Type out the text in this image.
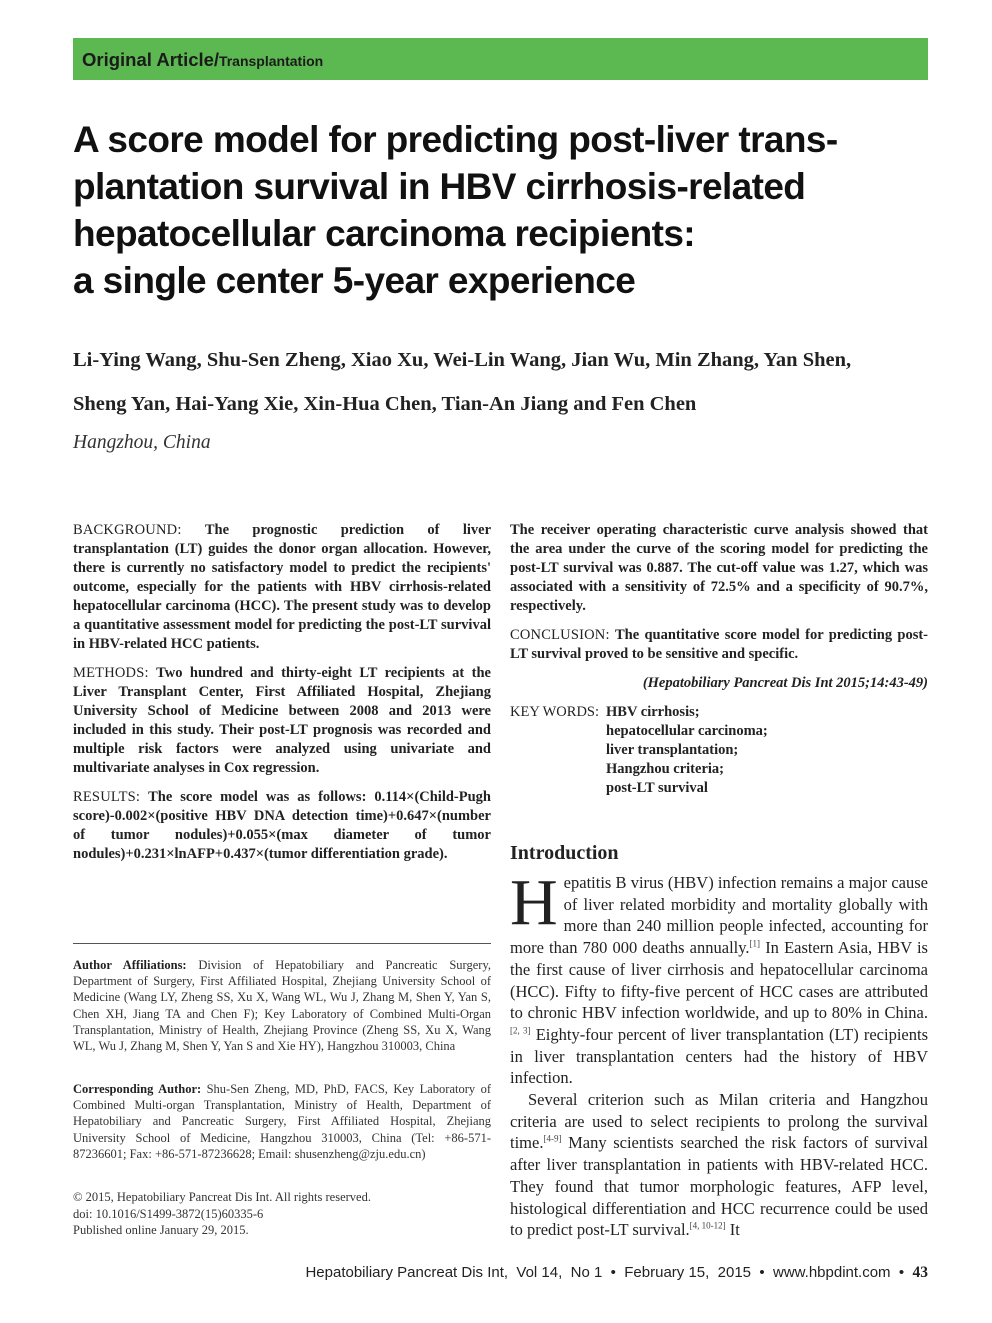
Original Article/Transplantation
A score model for predicting post-liver trans-
plantation survival in HBV cirrhosis-related
hepatocellular carcinoma recipients:
a single center 5-year experience
Li-Ying Wang, Shu-Sen Zheng, Xiao Xu, Wei-Lin Wang, Jian Wu, Min Zhang, Yan Shen,
Sheng Yan, Hai-Yang Xie, Xin-Hua Chen, Tian-An Jiang and Fen Chen
Hangzhou, China

BACKGROUND: The prognostic prediction of liver transplantation (LT) guides the donor organ allocation. However, there is currently no satisfactory model to predict the recipients' outcome, especially for the patients with HBV cirrhosis-related hepatocellular carcinoma (HCC). The present study was to develop a quantitative assessment model for predicting the post-LT survival in HBV-related HCC patients.

METHODS: Two hundred and thirty-eight LT recipients at the Liver Transplant Center, First Affiliated Hospital, Zhejiang University School of Medicine between 2008 and 2013 were included in this study. Their post-LT prognosis was recorded and multiple risk factors were analyzed using univariate and multivariate analyses in Cox regression.

RESULTS: The score model was as follows: 0.114×(Child-Pugh score)-0.002×(positive HBV DNA detection time)+0.647×(number of tumor nodules)+0.055×(max diameter of tumor nodules)+0.231×lnAFP+0.437×(tumor differentiation grade).

The receiver operating characteristic curve analysis showed that the area under the curve of the scoring model for predicting the post-LT survival was 0.887. The cut-off value was 1.27, which was associated with a sensitivity of 72.5% and a specificity of 90.7%, respectively.

CONCLUSION: The quantitative score model for predicting post-LT survival proved to be sensitive and specific.

(Hepatobiliary Pancreat Dis Int 2015;14:43-49)

KEY WORDS: HBV cirrhosis;
hepatocellular carcinoma;
liver transplantation;
Hangzhou criteria;
post-LT survival
Author Affiliations: Division of Hepatobiliary and Pancreatic Surgery, Department of Surgery, First Affiliated Hospital, Zhejiang University School of Medicine (Wang LY, Zheng SS, Xu X, Wang WL, Wu J, Zhang M, Shen Y, Yan S, Chen XH, Jiang TA and Chen F); Key Laboratory of Combined Multi-Organ Transplantation, Ministry of Health, Zhejiang Province (Zheng SS, Xu X, Wang WL, Wu J, Zhang M, Shen Y, Yan S and Xie HY), Hangzhou 310003, China
Corresponding Author: Shu-Sen Zheng, MD, PhD, FACS, Key Laboratory of Combined Multi-organ Transplantation, Ministry of Health, Department of Hepatobiliary and Pancreatic Surgery, First Affiliated Hospital, Zhejiang University School of Medicine, Hangzhou 310003, China (Tel: +86-571-87236601; Fax: +86-571-87236628; Email: shusenzheng@zju.edu.cn)
© 2015, Hepatobiliary Pancreat Dis Int. All rights reserved.
doi: 10.1016/S1499-3872(15)60335-6
Published online January 29, 2015.
Introduction

Hepatitis B virus (HBV) infection remains a major cause of liver related morbidity and mortality globally with more than 240 million people infected, accounting for more than 780 000 deaths annually.[1] In Eastern Asia, HBV is the first cause of liver cirrhosis and hepatocellular carcinoma (HCC). Fifty to fifty-five percent of HCC cases are attributed to chronic HBV infection worldwide, and up to 80% in China.[2, 3] Eighty-four percent of liver transplantation (LT) recipients in liver transplantation centers had the history of HBV infection.

Several criterion such as Milan criteria and Hangzhou criteria are used to select recipients to prolong the survival time.[4-9] Many scientists searched the risk factors of survival after liver transplantation in patients with HBV-related HCC. They found that tumor morphologic features, AFP level, histological differentiation and HCC recurrence could be used to predict post-LT survival.[4, 10-12] It

Hepatobiliary Pancreat Dis Int, Vol 14, No 1 • February 15, 2015 • www.hbpdint.com • 43
